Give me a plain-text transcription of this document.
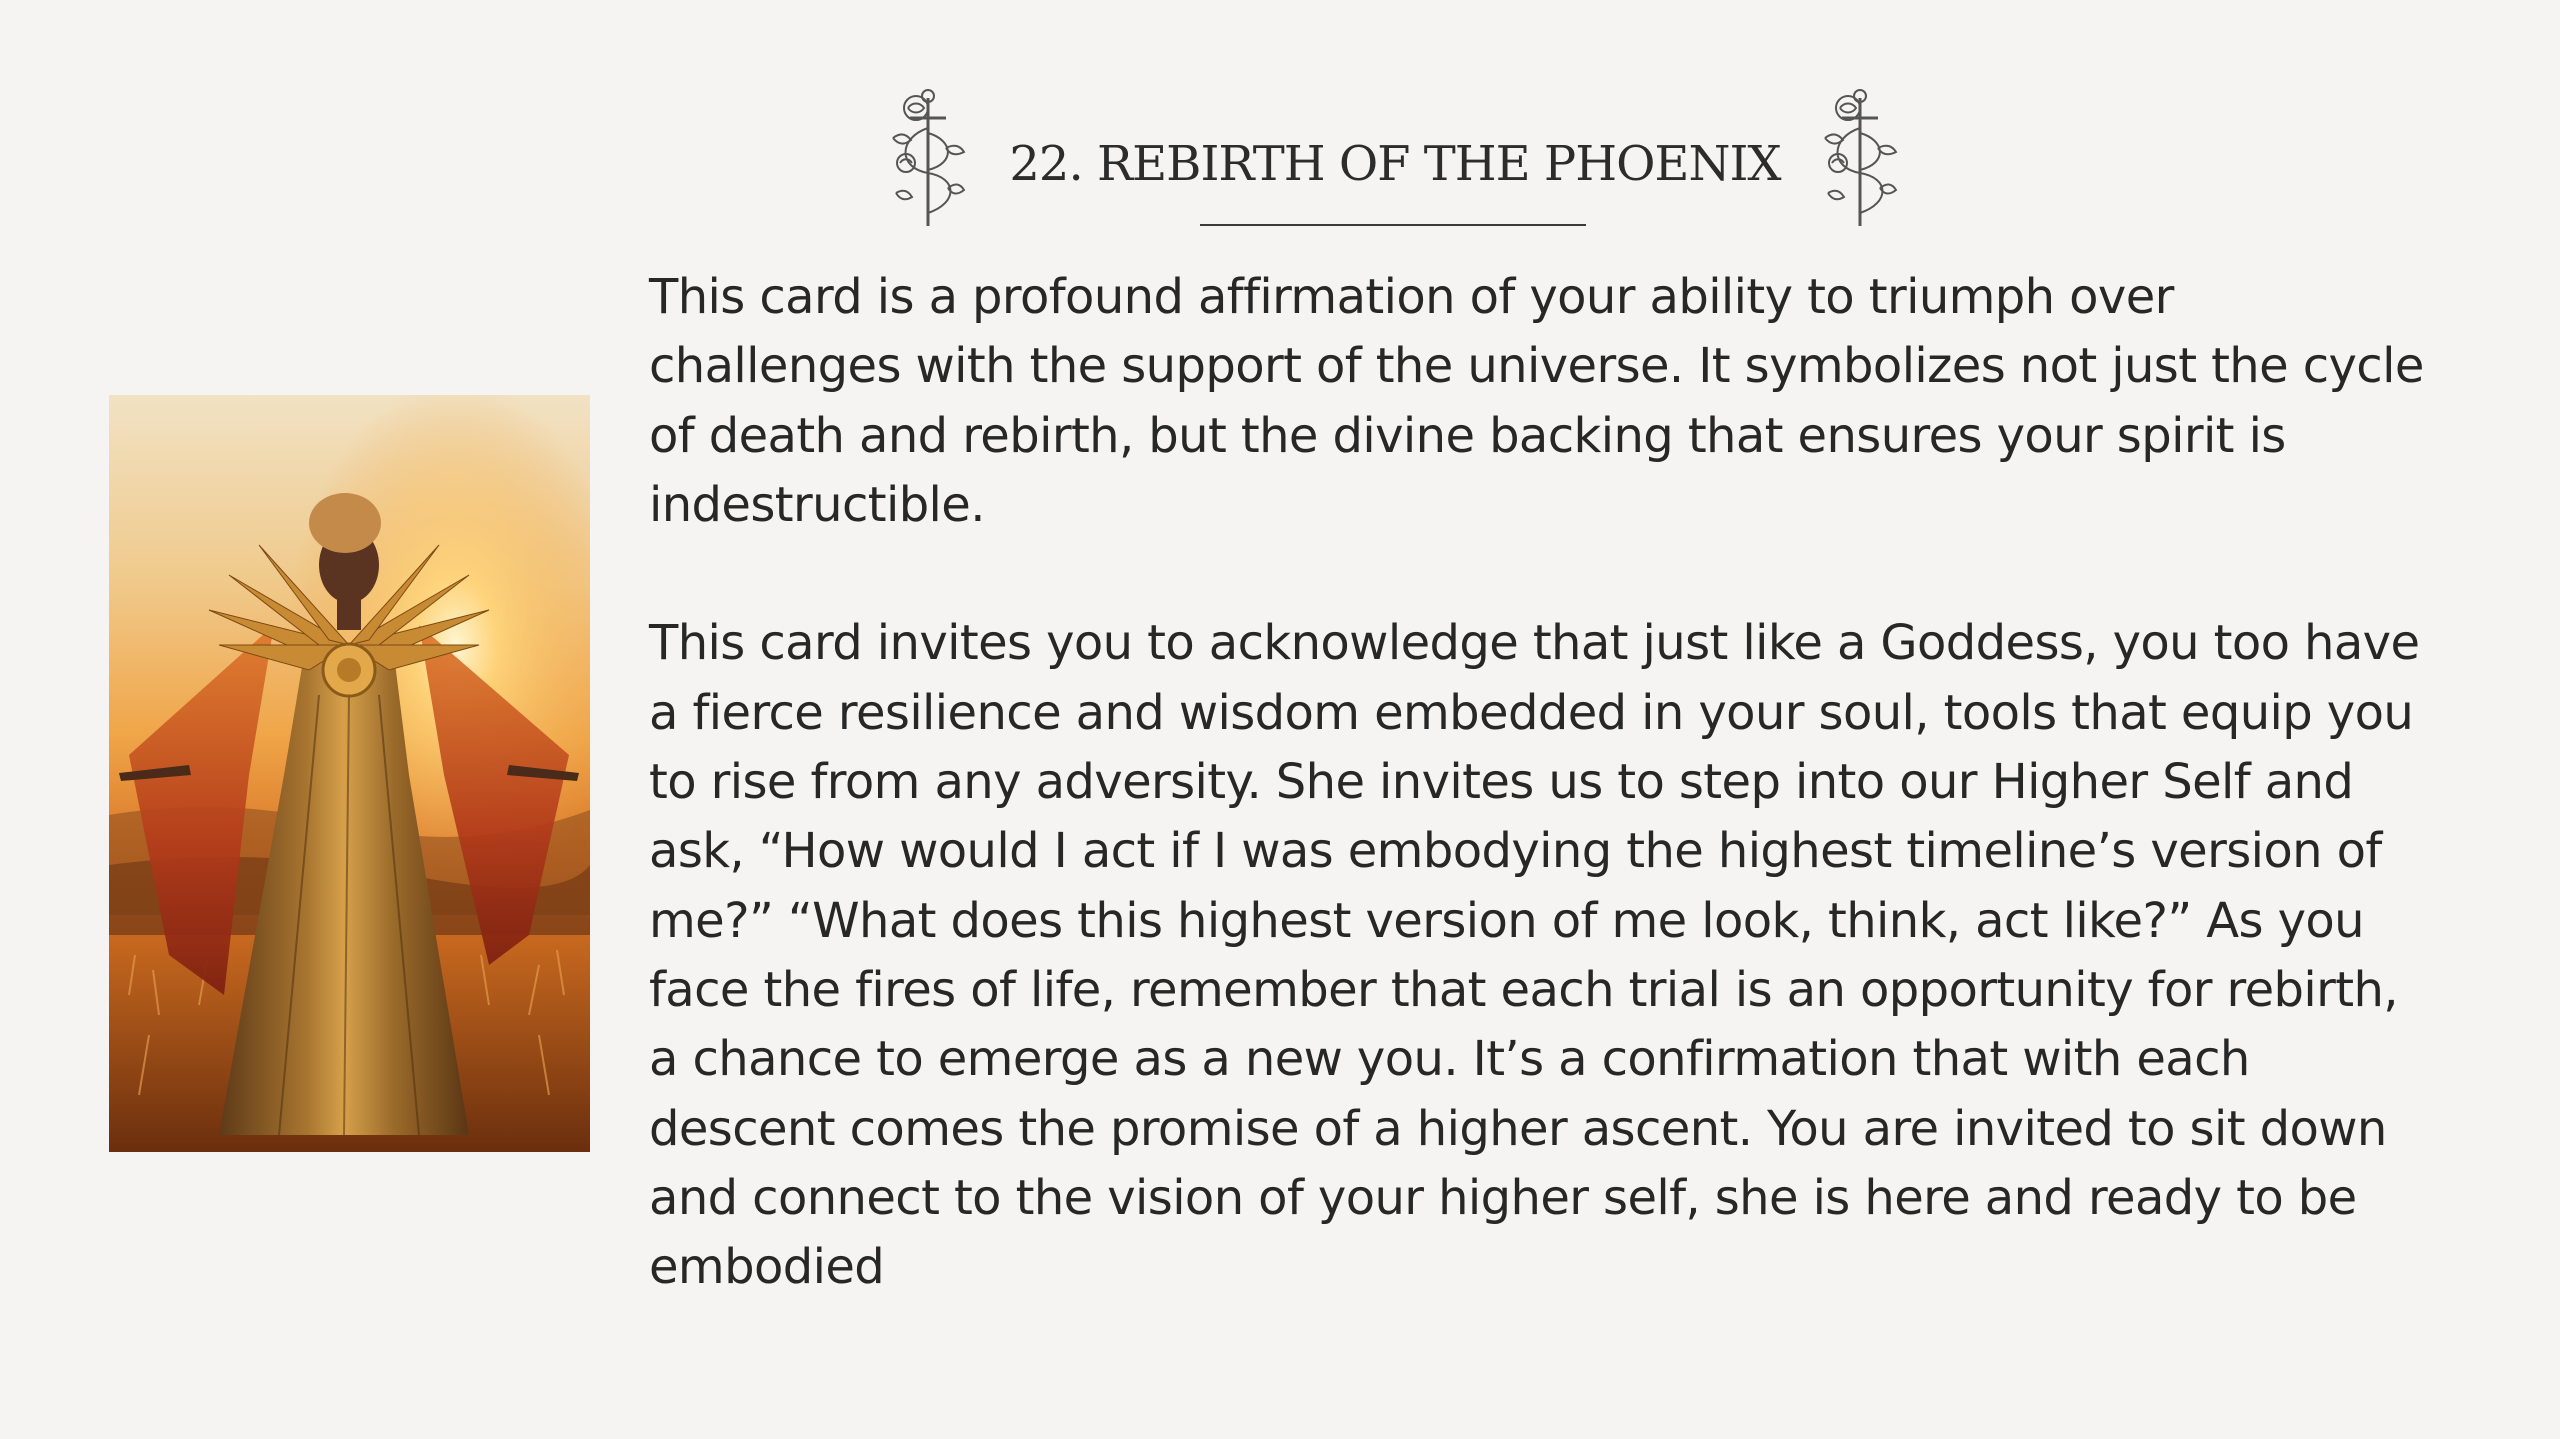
22. REBIRTH OF THE PHOENIX

This card is a profound affirmation of your ability to triumph over challenges with the support of the universe. It symbolizes not just the cycle of death and rebirth, but the divine backing that ensures your spirit is indestructible.

This card invites you to acknowledge that just like a Goddess, you too have a fierce resilience and wisdom embedded in your soul, tools that equip you to rise from any adversity. She invites us to step into our Higher Self and ask, “How would I act if I was embodying the highest timeline’s version of me?” “What does this highest version of me look, think, act like?” As you face the fires of life, remember that each trial is an opportunity for rebirth, a chance to emerge as a new you. It’s a confirmation that with each descent comes the promise of a higher ascent. You are invited to sit down and connect to the vision of your higher self, she is here and ready to be embodied
